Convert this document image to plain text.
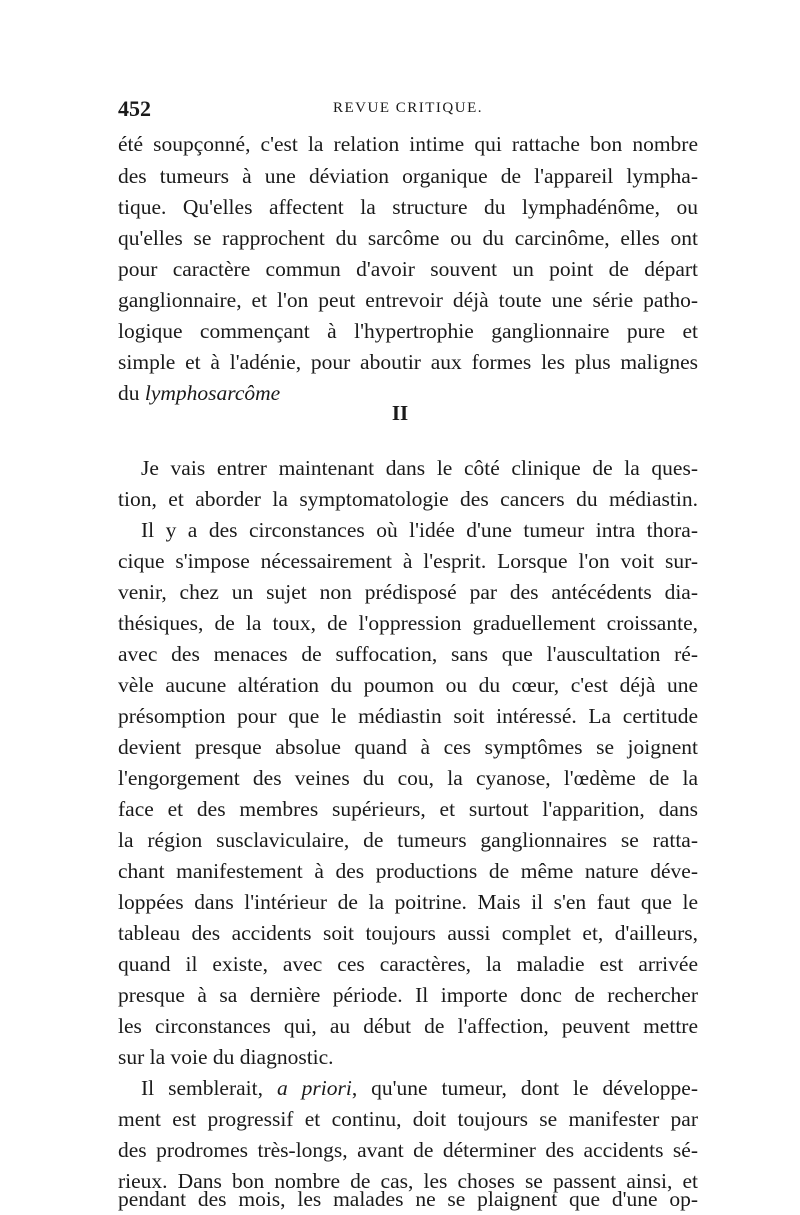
452	REVUE CRITIQUE.
été soupçonné, c'est la relation intime qui rattache bon nombre
des tumeurs à une déviation organique de l'appareil lympha-
tique. Qu'elles affectent la structure du lymphadénôme, ou
qu'elles se rapprochent du sarcôme ou du carcinôme, elles ont
pour caractère commun d'avoir souvent un point de départ
ganglionnaire, et l'on peut entrevoir déjà toute une série patho-
logique commençant à l'hypertrophie ganglionnaire pure et
simple et à l'adénie, pour aboutir aux formes les plus malignes
du lymphosarcôme
II
Je vais entrer maintenant dans le côté clinique de la ques-
tion, et aborder la symptomatologie des cancers du médiastin.
Il y a des circonstances où l'idée d'une tumeur intra thora-
cique s'impose nécessairement à l'esprit. Lorsque l'on voit sur-
venir, chez un sujet non prédisposé par des antécédents dia-
thésiques, de la toux, de l'oppression graduellement croissante,
avec des menaces de suffocation, sans que l'auscultation ré-
vèle aucune altération du poumon ou du cœur, c'est déjà une
présomption pour que le médiastin soit intéressé. La certitude
devient presque absolue quand à ces symptômes se joignent
l'engorgement des veines du cou, la cyanose, l'œdème de la
face et des membres supérieurs, et surtout l'apparition, dans
la région susclaviculaire, de tumeurs ganglionnaires se ratta-
chant manifestement à des productions de même nature déve-
loppées dans l'intérieur de la poitrine. Mais il s'en faut que le
tableau des accidents soit toujours aussi complet et, d'ailleurs,
quand il existe, avec ces caractères, la maladie est arrivée
presque à sa dernière période. Il importe donc de rechercher
les circonstances qui, au début de l'affection, peuvent mettre
sur la voie du diagnostic.
Il semblerait, a priori, qu'une tumeur, dont le développe-
ment est progressif et continu, doit toujours se manifester par
des prodromes très-longs, avant de déterminer des accidents sé-
rieux. Dans bon nombre de cas, les choses se passent ainsi, et
pendant des mois, les malades ne se plaignent que d'une op-
